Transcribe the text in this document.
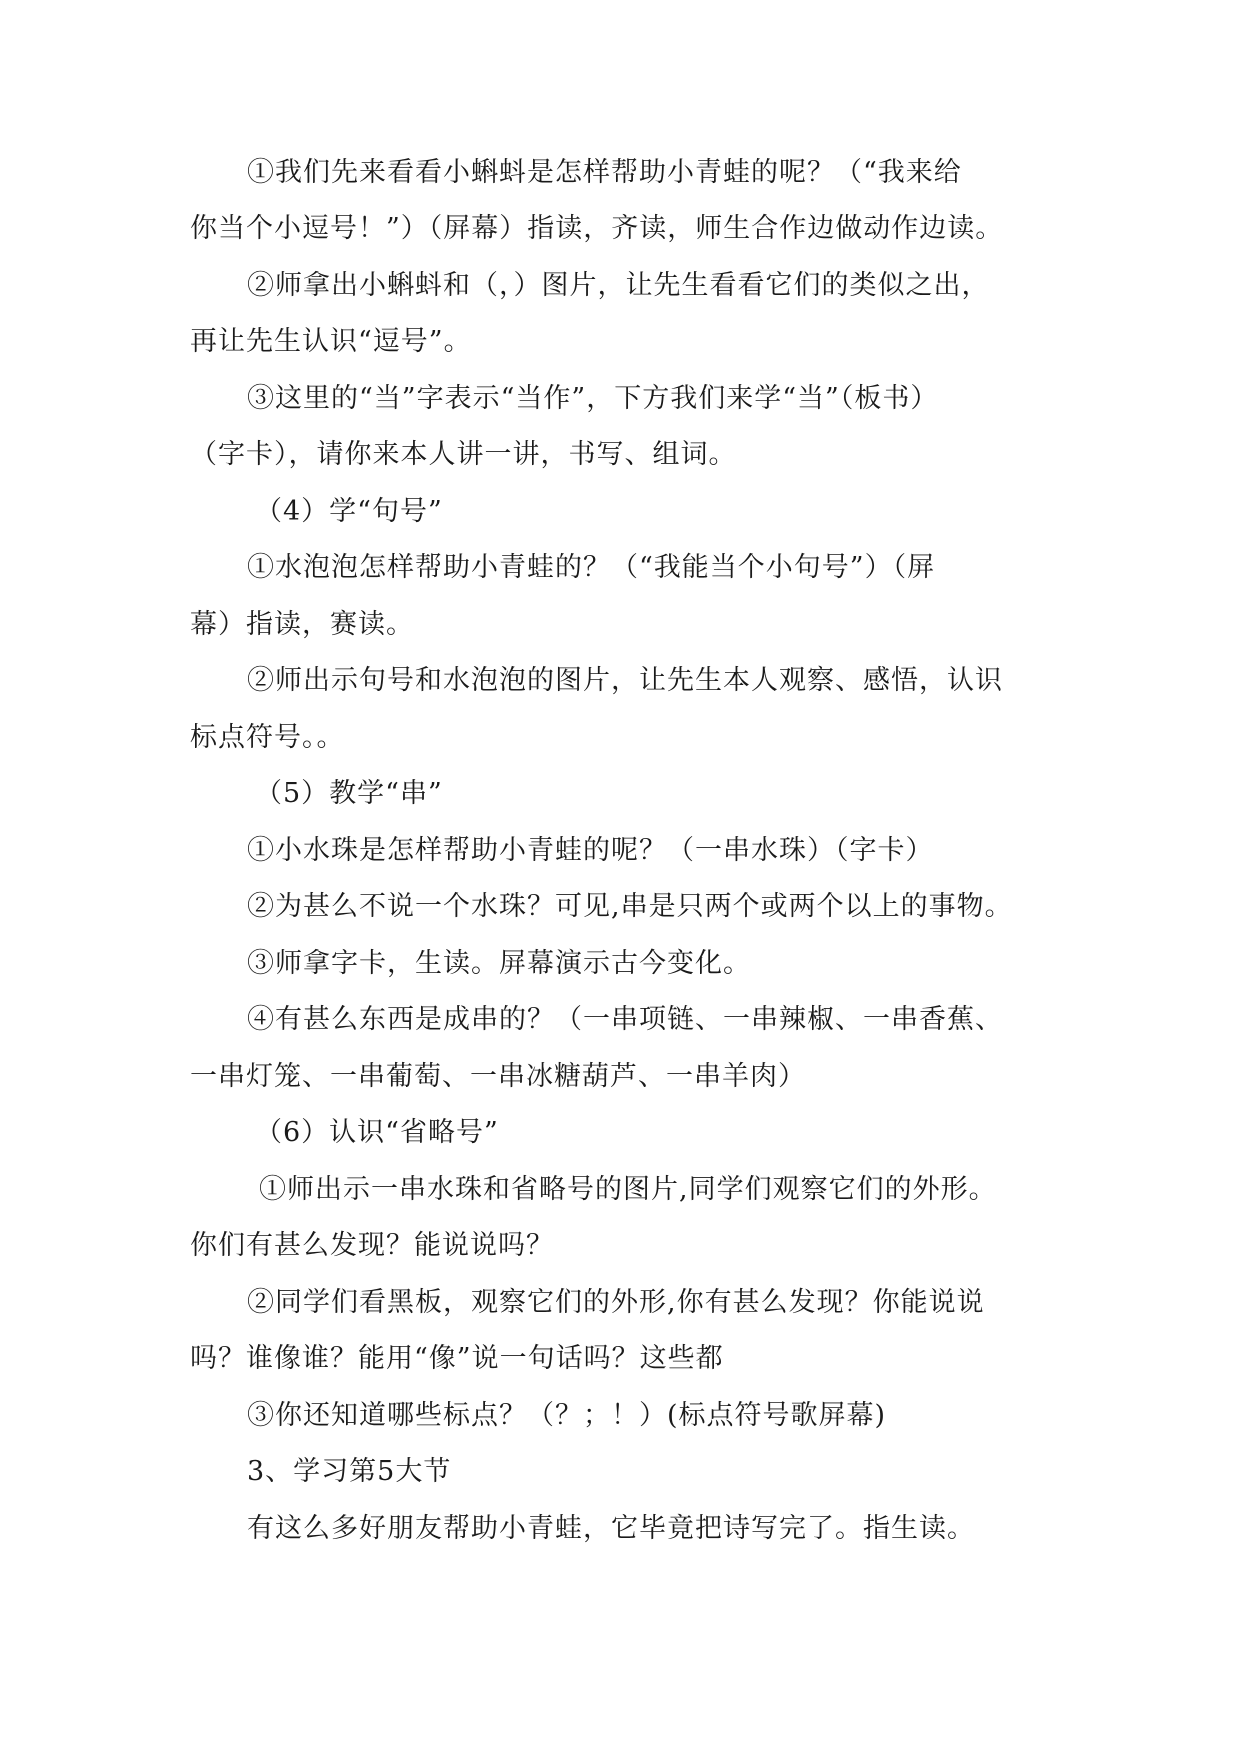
①我们先来看看小蝌蚪是怎样帮助小青蛙的呢？（“我来给
你当个小逗号！”）（屏幕）指读，齐读，师生合作边做动作边读。
②师拿出小蝌蚪和（，）图片，让先生看看它们的类似之出，
再让先生认识“逗号”。
③这里的“当”字表示“当作”，下方我们来学“当”（板书）
（字卡），请你来本人讲一讲，书写、组词。
（4）学“句号”
①水泡泡怎样帮助小青蛙的？（“我能当个小句号”）（屏
幕）指读，赛读。
②师出示句号和水泡泡的图片，让先生本人观察、感悟，认识
标点符号。。
（5）教学“串”
①小水珠是怎样帮助小青蛙的呢？（一串水珠）（字卡）
②为甚么不说一个水珠？可见,串是只两个或两个以上的事物。
③师拿字卡，生读。屏幕演示古今变化。
④有甚么东西是成串的？（一串项链、一串辣椒、一串香蕉、
一串灯笼、一串葡萄、一串冰糖葫芦、一串羊肉）
（6）认识“省略号”
①师出示一串水珠和省略号的图片,同学们观察它们的外形。
你们有甚么发现？能说说吗？
②同学们看黑板，观察它们的外形,你有甚么发现？你能说说
吗？谁像谁？能用“像”说一句话吗？这些都
③你还知道哪些标点？（？；！）(标点符号歌屏幕)
3、学习第5大节
有这么多好朋友帮助小青蛙，它毕竟把诗写完了。指生读。
